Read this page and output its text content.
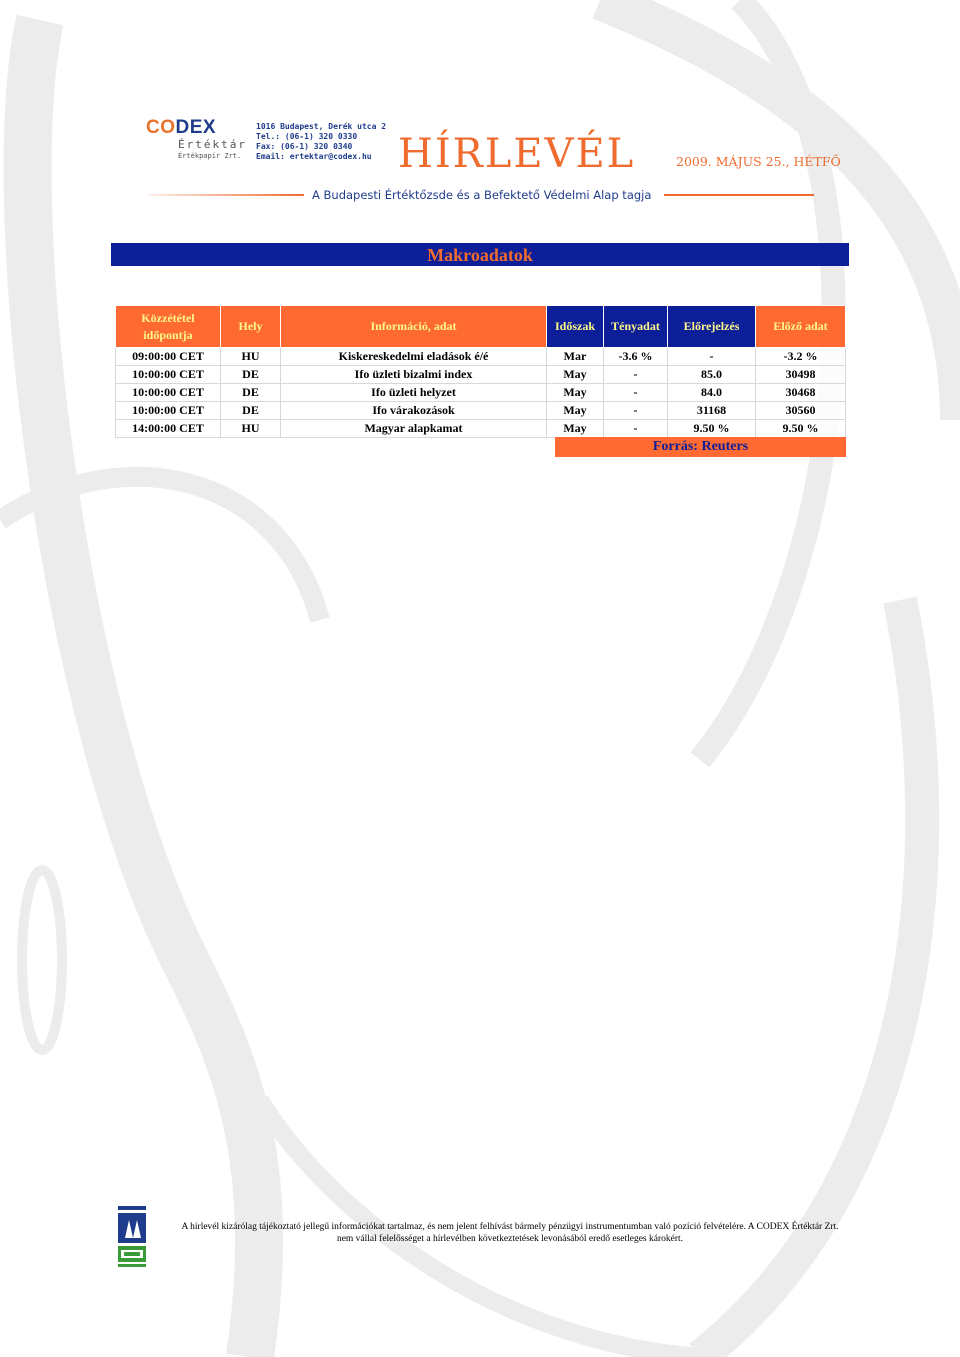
CODEX
Értéktár
Értékpapír Zrt.
1016 Budapest, Derék utca 2
Tel.: (06-1) 320 0330
Fax: (06-1) 320 0340
Email: ertektar@codex.hu HÍRLEVÉL	2009. MÁJUS 25., HÉTFŐ
A Budapesti Értéktőzsde és a Befektető Védelmi Alap tagja
Makroadatok
Közzététel időpontja	Hely	Információ, adat	Időszak	Tényadat	Előrejelzés	Előző adat
09:00:00 CET	HU	Kiskereskedelmi eladások é/é	Mar	-3.6 %	-	-3.2 %
10:00:00 CET	DE	Ifo üzleti bizalmi index	May	-	85.0	30498
10:00:00 CET	DE	Ifo üzleti helyzet	May	-	84.0	30468
10:00:00 CET	DE	Ifo várakozások	May	-	31168	30560
14:00:00 CET	HU	Magyar alapkamat	May	-	9.50 %	9.50 %
Forrás: Reuters
A hírlevél kizárólag tájékoztató jellegű információkat tartalmaz, és nem jelent felhívást bármely pénzügyi instrumentumban való pozíció felvételére. A CODEX Értéktár Zrt.
nem vállal felelősséget a hírlevélben következtetések levonásából eredő esetleges károkért.
